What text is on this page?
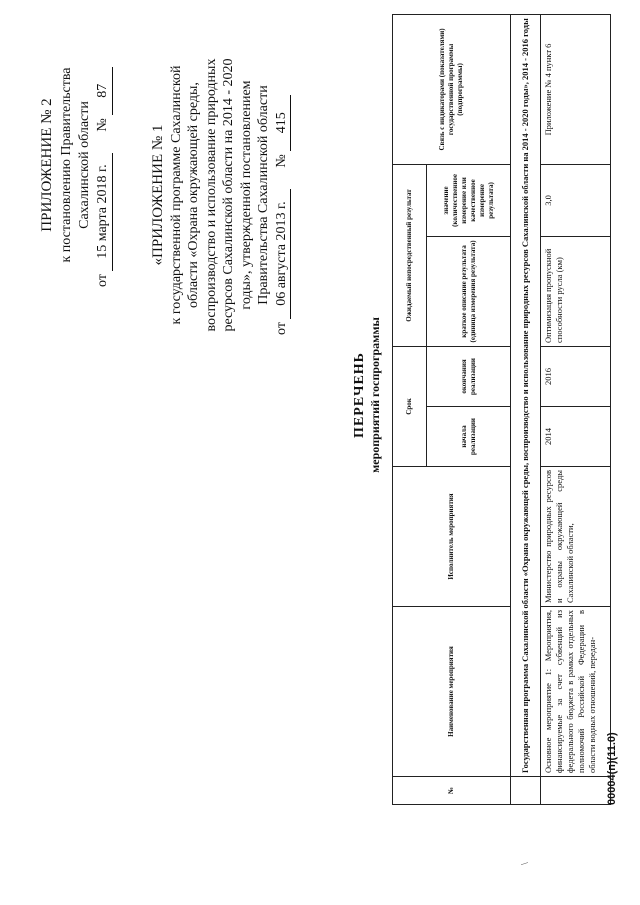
ПРИЛОЖЕНИЕ № 2 к постановлению Правительства Сахалинской области
от 15 марта 2018 г.  № 87
«ПРИЛОЖЕНИЕ № 1 к государственной программе Сахалинской области «Охрана окружающей среды, воспроизводство и использование природных ресурсов Сахалинской области на 2014 - 2020 годы», утвержденной постановлением Правительства Сахалинской области
от 06 августа 2013 г.  № 415
ПЕРЕЧЕНЬ мероприятий госпрограммы
№	Наименование мероприятия	Исполнитель мероприятия	Срок		Ожидаемый непосредственный результат		Связь с индикаторами (показателями) государственной программы (подпрограммы)
			начала реализации	окончания реализации	краткое описание результата (единица измерения результата)	значение (количественное измерение или качественное измерение результата)	
	Государственная программа Сахалинской области «Охрана окружающей среды, воспроизводство и использование природных ресурсов Сахалинской области на 2014 - 2020 годы», 2014 - 2016 годы						
	Основное мероприятие 1: Мероприятия, финансируемые за счет субвенций из федерального бюджета в рамках отдельных полномочий Российской Федерации в области водных отношений, передан-	Министерство природных ресурсов и охраны окружающей среды Сахалинской области,	2014	2016	Оптимизация пропускной способности русла (км)	3,0	Приложение № 4 пункт 6
00004(п)(11.0)
\
